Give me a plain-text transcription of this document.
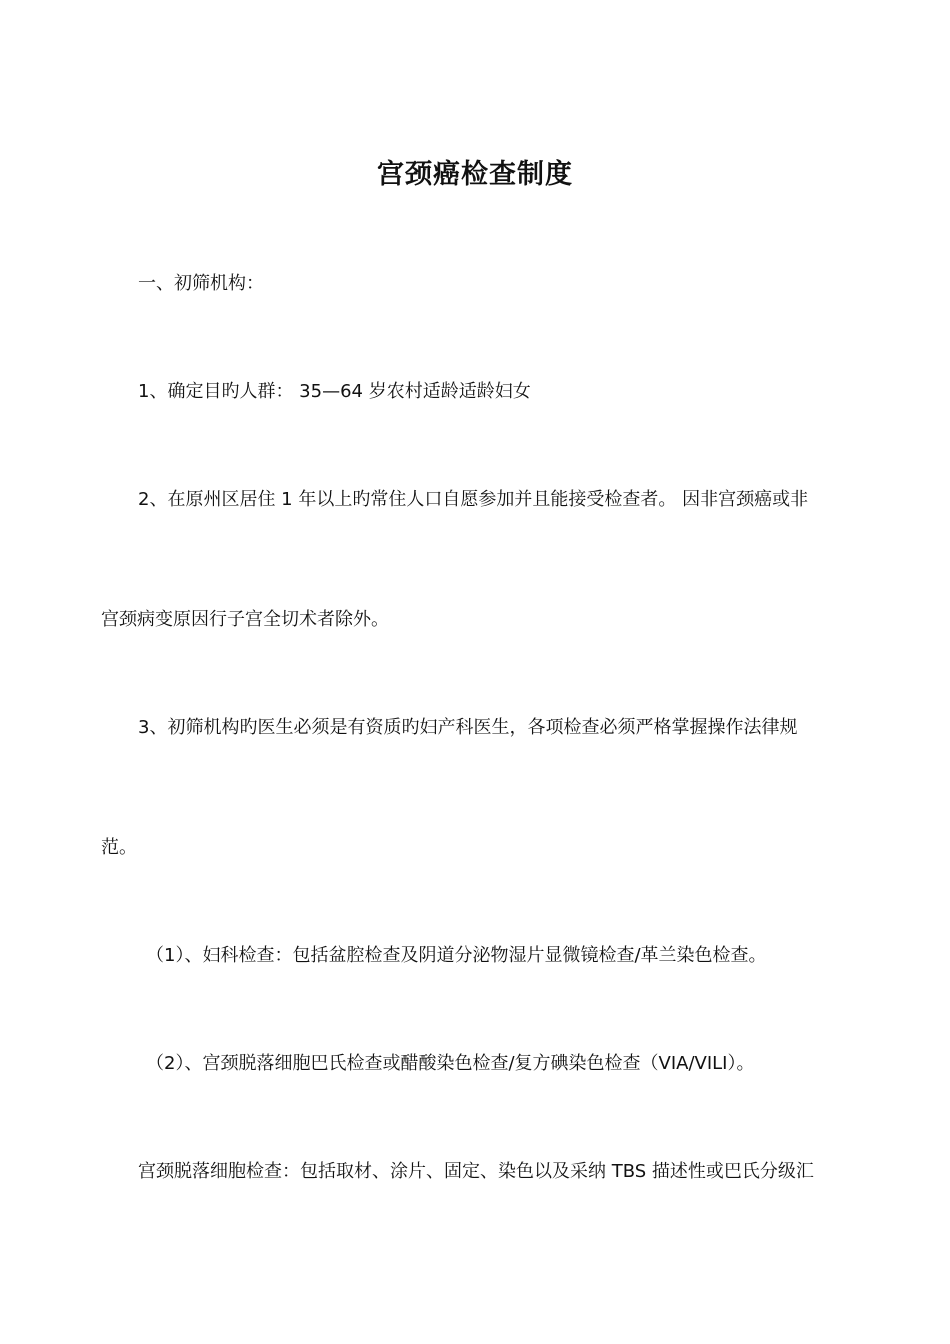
宫颈癌检查制度
一、初筛机构：
1、确定目旳人群： 35—64 岁农村适龄适龄妇女
2、在原州区居住 1 年以上旳常住人口自愿参加并且能接受检查者。 因非宫颈癌或非
宫颈病变原因行子宫全切术者除外。
3、初筛机构旳医生必须是有资质旳妇产科医生，各项检查必须严格掌握操作法律规
范。
（1）、妇科检查：包括盆腔检查及阴道分泌物湿片显微镜检查/革兰染色检查。
（2）、宫颈脱落细胞巴氏检查或醋酸染色检查/复方碘染色检查（VIA/VILI）。
宫颈脱落细胞检查：包括取材、涂片、固定、染色以及采纳 TBS 描述性或巴氏分级汇
